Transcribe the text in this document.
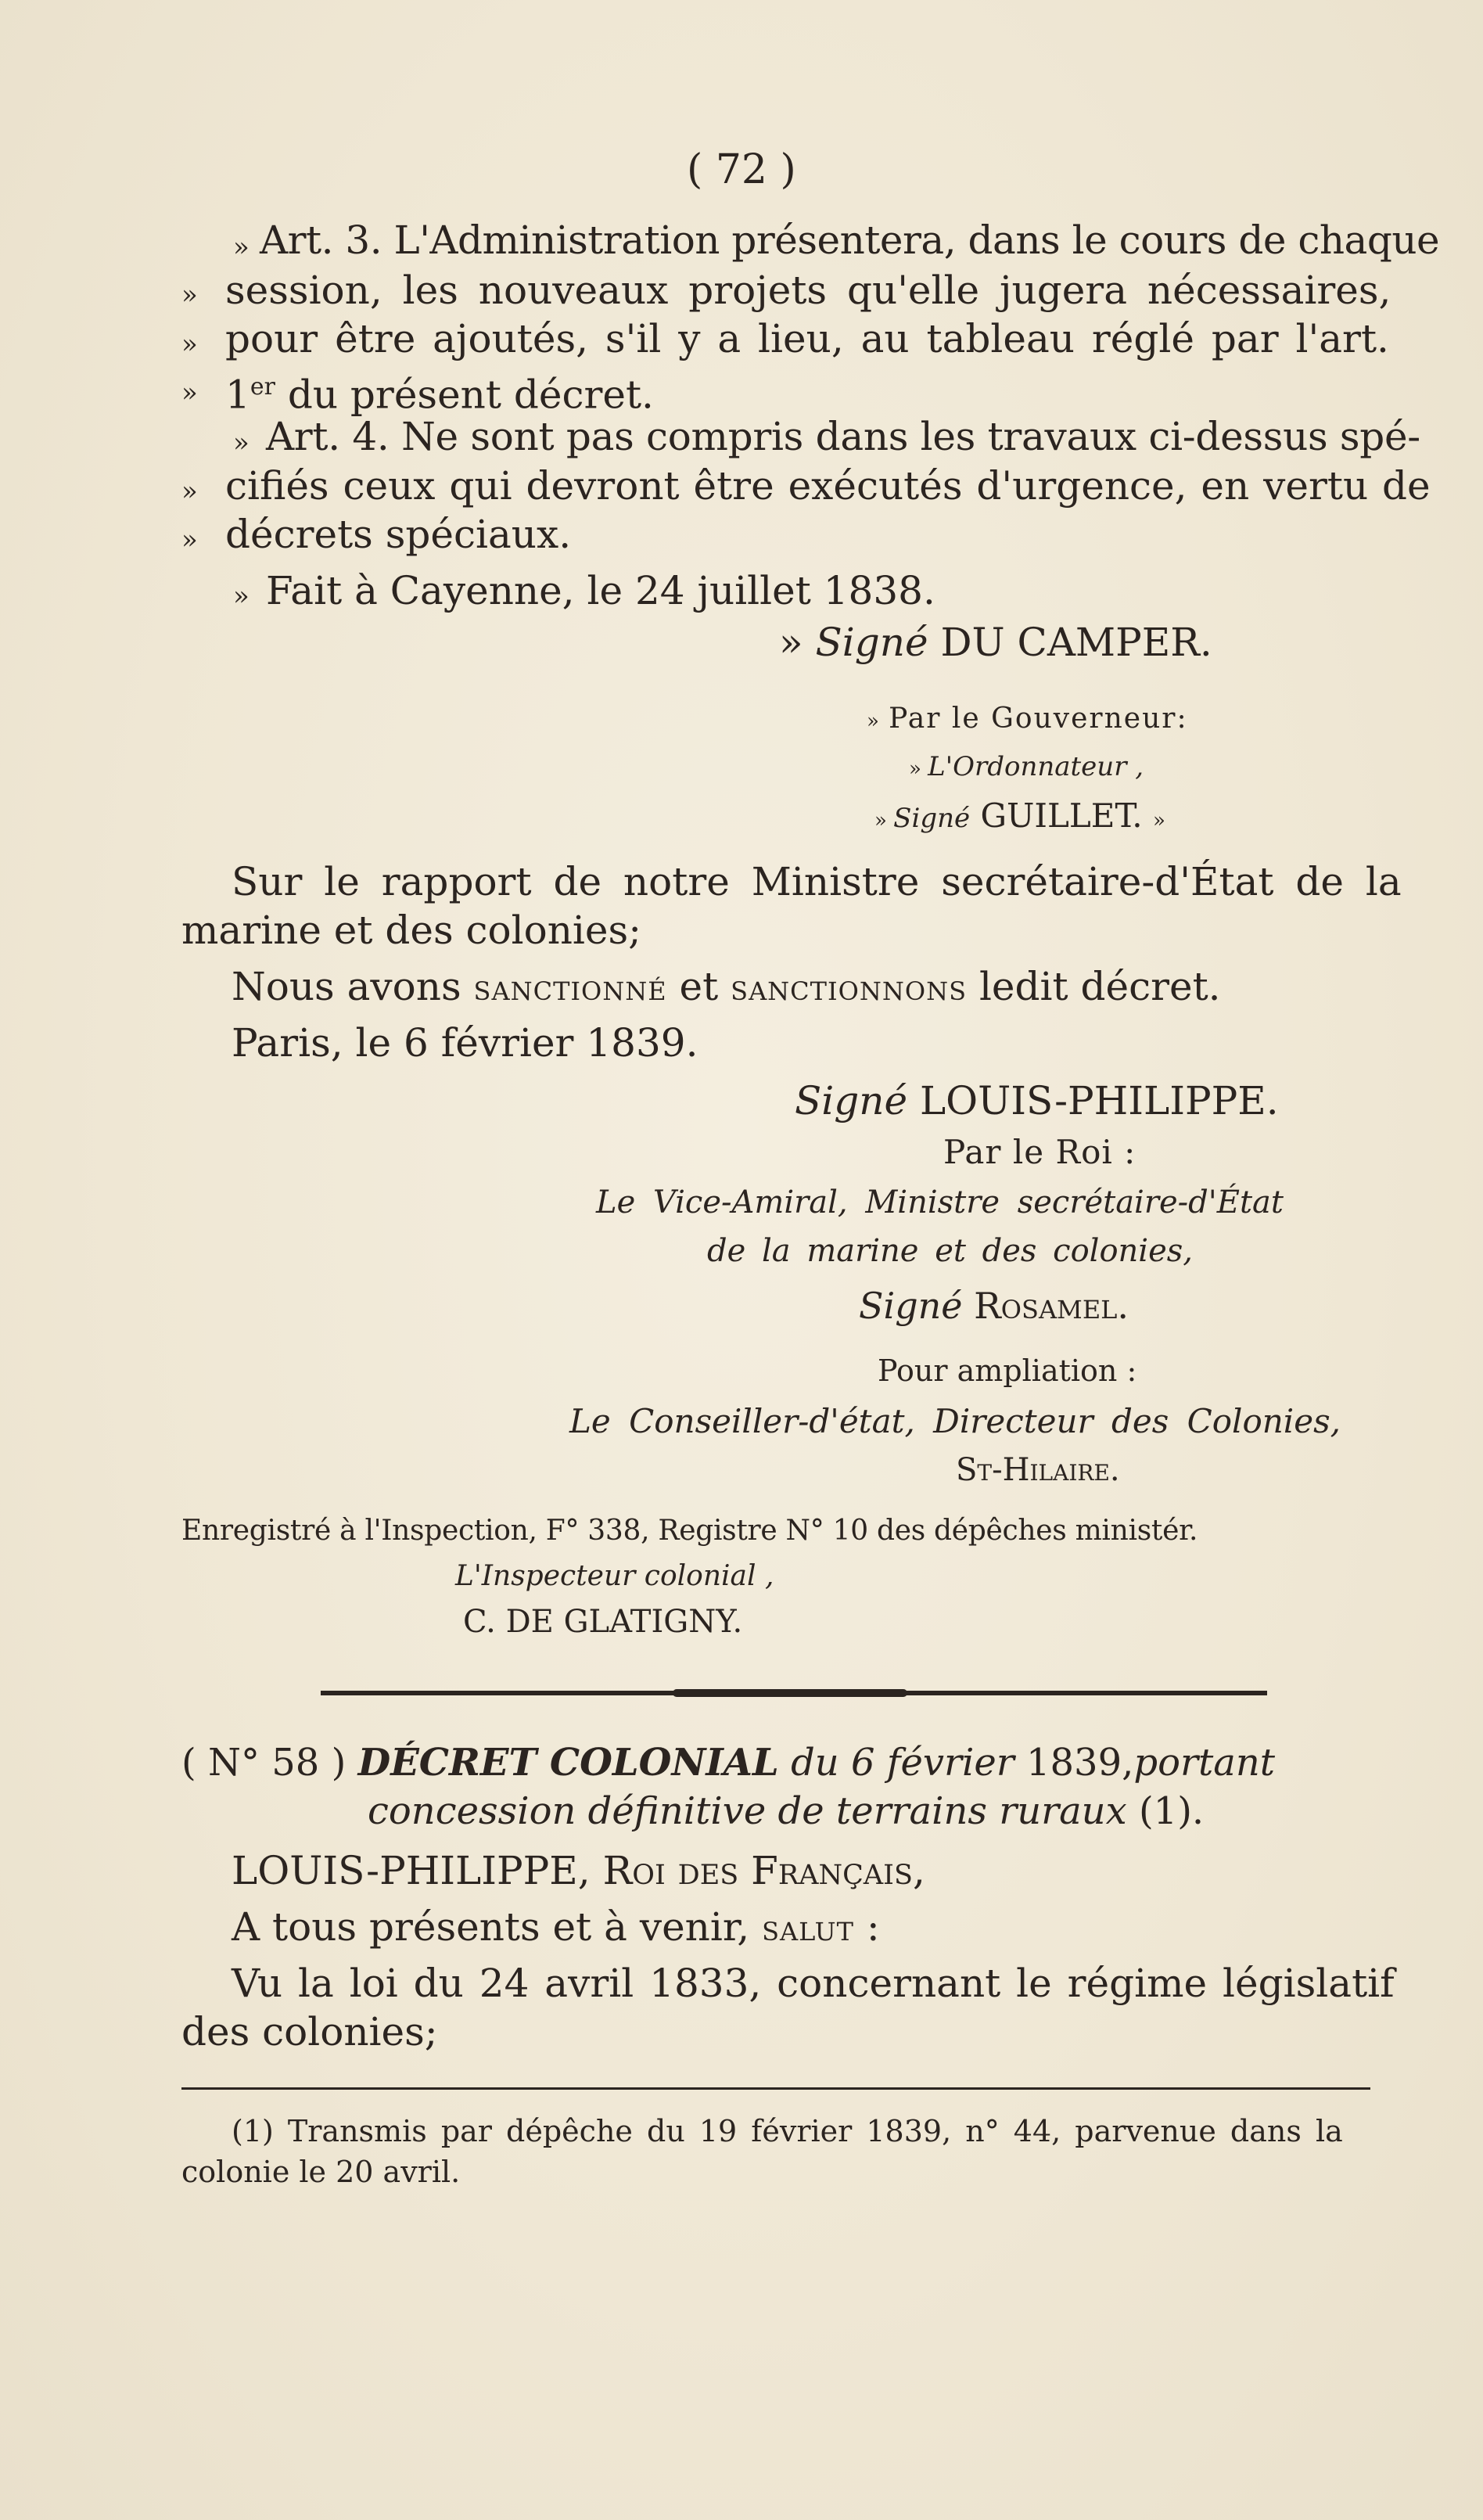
( 72 )
» Art. 3. L'Administration présentera, dans le cours de chaque
» session, les nouveaux projets qu'elle jugera nécessaires,
» pour être ajoutés, s'il y a lieu, au tableau réglé par l'art.
» 1er du présent décret.
» Art. 4. Ne sont pas compris dans les travaux ci-dessus spé-
» cifiés ceux qui devront être exécutés d'urgence, en vertu de
» décrets spéciaux.
» Fait à Cayenne, le 24 juillet 1838.
» Signé DU CAMPER.
» Par le Gouverneur:
» L'Ordonnateur ,
» Signé GUILLET. »
Sur le rapport de notre Ministre secrétaire-d'État de la
marine et des colonies;
Nous avons SANCTIONNÉ et SANCTIONNONS ledit décret.
Paris, le 6 février 1839.
Signé LOUIS-PHILIPPE.
Par le Roi :
Le Vice-Amiral, Ministre secrétaire-d'État
de la marine et des colonies,
Signé Rosamel.
Pour ampliation :
Le Conseiller-d'état, Directeur des Colonies,
St-Hilaire.
Enregistré à l'Inspection, F° 338, Registre N° 10 des dépêches ministér.
L'Inspecteur colonial ,
C. DE GLATIGNY.
( N° 58 ) DÉCRET COLONIAL du 6 février 1839,portant
concession définitive de terrains ruraux (1).
LOUIS-PHILIPPE, Roi des Français,
A tous présents et à venir, SALUT :
Vu la loi du 24 avril 1833, concernant le régime législatif
des colonies;
(1) Transmis par dépêche du 19 février 1839, n° 44, parvenue dans la
colonie le 20 avril.
